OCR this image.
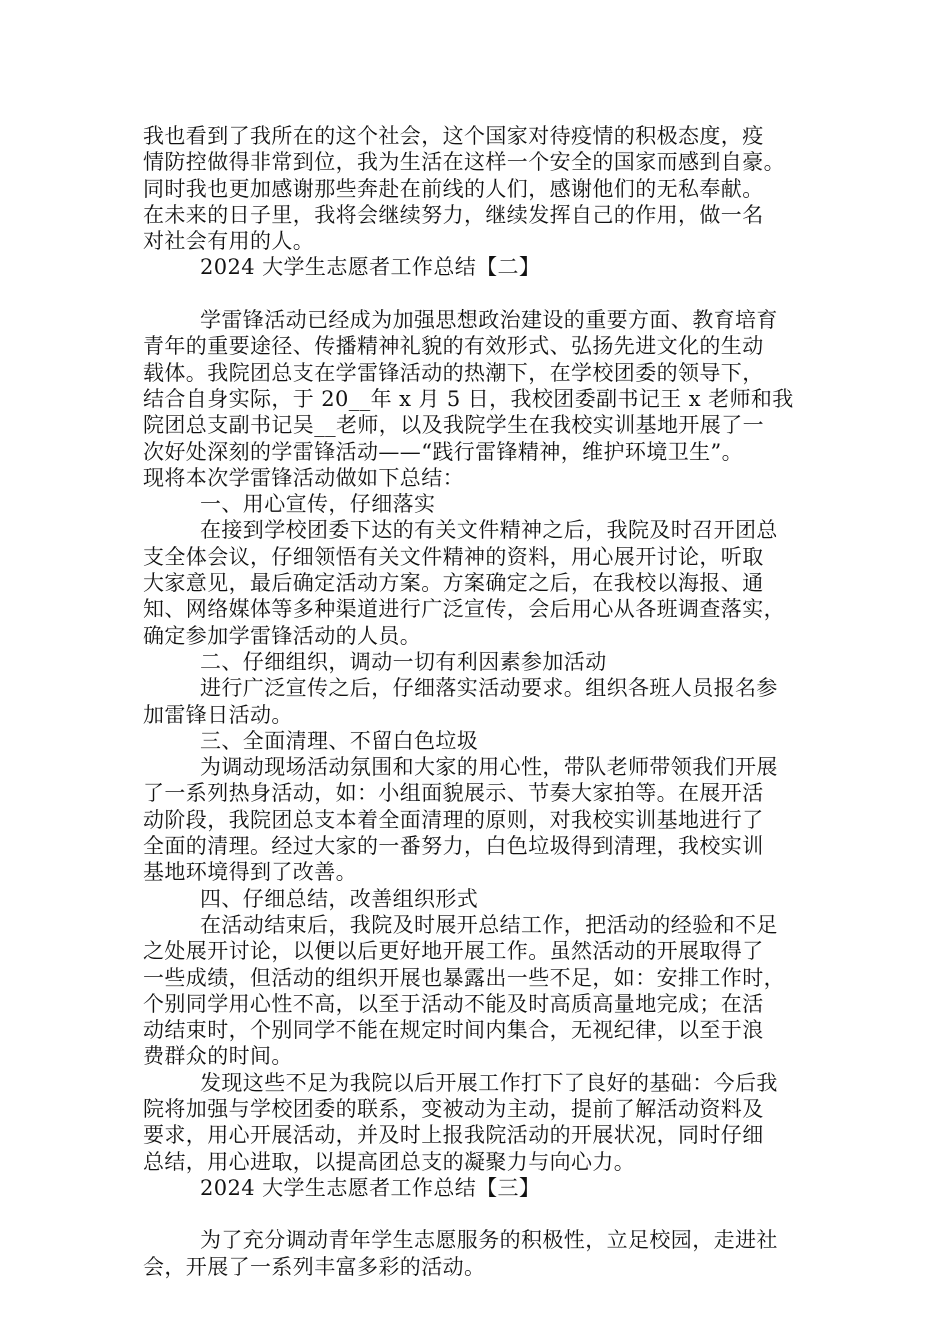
我也看到了我所在的这个社会，这个国家对待疫情的积极态度，疫
情防控做得非常到位，我为生活在这样一个安全的国家而感到自豪。
同时我也更加感谢那些奔赴在前线的人们，感谢他们的无私奉献。
在未来的日子里，我将会继续努力，继续发挥自己的作用，做一名
对社会有用的人。
2024 大学生志愿者工作总结【二】
学雷锋活动已经成为加强思想政治建设的重要方面、教育培育
青年的重要途径、传播精神礼貌的有效形式、弘扬先进文化的生动
载体。我院团总支在学雷锋活动的热潮下，在学校团委的领导下，
结合自身实际，于 20__年 x 月 5 日，我校团委副书记王 x 老师和我
院团总支副书记吴__老师，以及我院学生在我校实训基地开展了一
次好处深刻的学雷锋活动——“践行雷锋精神，维护环境卫生”。
现将本次学雷锋活动做如下总结：
一、用心宣传，仔细落实
在接到学校团委下达的有关文件精神之后，我院及时召开团总
支全体会议，仔细领悟有关文件精神的资料，用心展开讨论，听取
大家意见，最后确定活动方案。方案确定之后，在我校以海报、通
知、网络媒体等多种渠道进行广泛宣传，会后用心从各班调查落实，
确定参加学雷锋活动的人员。
二、仔细组织，调动一切有利因素参加活动
进行广泛宣传之后，仔细落实活动要求。组织各班人员报名参
加雷锋日活动。
三、全面清理、不留白色垃圾
为调动现场活动氛围和大家的用心性，带队老师带领我们开展
了一系列热身活动，如：小组面貌展示、节奏大家拍等。在展开活
动阶段，我院团总支本着全面清理的原则，对我校实训基地进行了
全面的清理。经过大家的一番努力，白色垃圾得到清理，我校实训
基地环境得到了改善。
四、仔细总结，改善组织形式
在活动结束后，我院及时展开总结工作，把活动的经验和不足
之处展开讨论，以便以后更好地开展工作。虽然活动的开展取得了
一些成绩，但活动的组织开展也暴露出一些不足，如：安排工作时，
个别同学用心性不高，以至于活动不能及时高质高量地完成；在活
动结束时，个别同学不能在规定时间内集合，无视纪律，以至于浪
费群众的时间。
发现这些不足为我院以后开展工作打下了良好的基础：今后我
院将加强与学校团委的联系，变被动为主动，提前了解活动资料及
要求，用心开展活动，并及时上报我院活动的开展状况，同时仔细
总结，用心进取，以提高团总支的凝聚力与向心力。
2024 大学生志愿者工作总结【三】
为了充分调动青年学生志愿服务的积极性，立足校园，走进社
会，开展了一系列丰富多彩的活动。
